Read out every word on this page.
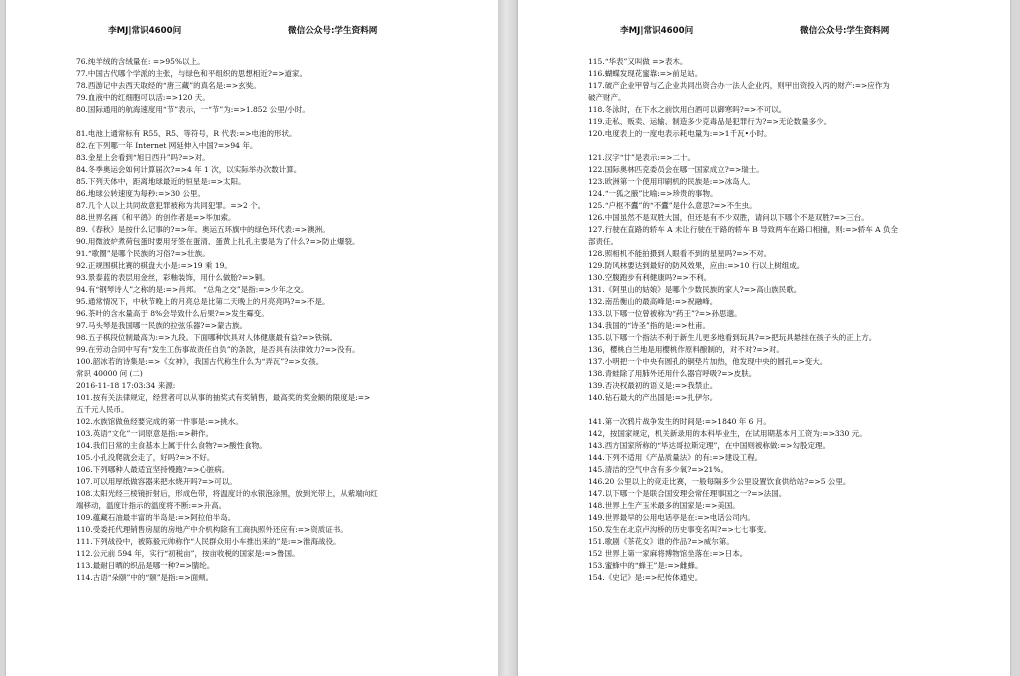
李MJ|常识4600问	微信公众号:学生资料网
76.纯羊绒的含绒量在: =>95%以上。
77.中国古代哪个学派的主张，与绿色和平组织的思想相近?=>道家。
78.西游记中去西天取经的“唐三藏”的真名是:=>玄奘。
79.血液中的红细胞可以活:=>120 天。
80.国际通用的航海速度用“节”表示，一“节”为:=>1.852 公里/小时。
81.电池上通常标有 R55、R5、等符号，R 代表:=>电池的形状。
82.在下列哪一年 Internet 网延伸入中国?=>94 年。
83.金星上会看到“旭日西升”吗?=>对。
84.冬季奥运会如何计算届次?=>4 年 1 次，以实际举办次数计算。
85.下列天体中，距离地球最近的恒星是:=>太阳。
86.地球公转速度为每秒:=>30 公里。
87.几个人以上共同故意犯罪被称为共同犯罪。=>2 个。
88.世界名画《和平鸽》的创作者是=>毕加索。
89.《春秋》是按什么记事的?=>年。奥运五环旗中的绿色环代表:=>澳洲。
90.用微波炉煮荷包蛋时要用牙签在蛋清、蛋黄上扎孔主要是为了什么?=>防止爆裂。
91.“歌圈”是哪个民族的习俗?=>壮族。
92.正规围棋比赛的棋盘大小是:=>19 乘 19。
93.景泰蓝的表层用金丝，彩釉装饰，用什么做胎?=>铜。
94.有“钢琴诗人”之称的是:=>肖邦。 “总角之交”是指:=>少年之交。
95.通常情况下，中秋节晚上的月亮总是比第二天晚上的月亮亮吗?=>不是。
96.茶叶的含水量高于 8%会导致什么后果?=>发生霉变。
97.马头琴是我国哪一民族的拉弦乐器?=>蒙古族。
98.五子棋段位制最高为:=>九段。下面哪种饮具对人体健康最有益?=>铁锅。
99.在劳动合同中写有“发生工伤事故责任自负”的条款，是否具有法律效力?=>没有。
100.韶冰若的诗集是:=>《女神》，我国古代称生什么为“弄瓦”?=>女孩。
常识 40000 问 (二)
2016-11-18 17:03:34 来源:
101.按有关法律规定，经营者可以从事的抽奖式有奖销售，最高奖的奖金额的限度是:=>
五千元人民币。
102.水族馆做鱼经要完成的第一件事是:=>挑水。
103.英语“文化”一词原意是指:=>耕作。
104.我们日常的主食基本上属于什么食物?=>酸性食物。
105.小孔没爬就会走了，好吗?=>不好。
106.下列哪种人最适宜坚持慢跑?=>心脏病。
107.可以用厚纸做容器来把水烧开吗?=>可以。
108.太阳光经三棱镜折射后，形成色带，将温度计的水银泡涂黑，放到光带上，从紫端向红
端移动，温度计指示的温度将不断:=>升高。
109.蕴藏石油最丰富的半岛是:=>阿拉伯半岛。
110.受委托代理销售房屋的房地产中介机构除有工商执照外还应有:=>资质证书。
111.下列战役中，被陈毅元帅称作“人民群众用小车推出来的”是:=>淮海战役。
112.公元前 594 年，实行“初税亩”，按亩收税的国家是:=>鲁国。
113.最耐日晒的织品是哪一种?=>腈纶。
114.古语“朵颐”中的“颐”是指:=>面颊。
李MJ|常识4600问	微信公众号:学生资料网
115.“华表”又叫做 =>表木。
116.蝴蝶发现花蜜靠:=>前足站。
117.破产企业甲曾与乙企业共同出资合办一法人企业丙，则甲出资投入丙的财产:=>应作为
破产财产。
118.冬泳时，在下水之前饮用白酒可以御寒吗?=>不可以。
119.走私、贩卖、运输、制造多少克毒品是犯罪行为?=>无论数量多少。
120.电度表上的一度电表示耗电量为:=>1千瓦•小时。
121.汉字“廿”是表示:=>二十。
122.国际奥林匹克委员会在哪一国家成立?=>瑞士。
123.欧洲第一个使用印刷机的民族是:=>冰岛人。
124.“一狐之腋”比喻:=>珍贵的事物。
125.“户枢不蠹”的“不蠹”是什么意思?=>不生虫。
126.中国虽然不是双胜大国，但还是有不少双胜，请问以下哪个不是双胜?=>三台。
127.行驶在直路的轿车 A 未让行驶在干路的轿车 B 导致两车在路口相撞，则:=>轿车 A 负全
部责任。
128.照相机不能拍摄到人眼看不到的星星吗?=>不对。
129.防风林要达到最好的防风效果，应由:=>10 行以上树组成。
130.空腹跑步有利健康吗?=>不利。
131.《阿里山的姑娘》是哪个少数民族的家人?=>高山族民歌。
132.南岳衡山的最高峰是:=>祝融峰。
133.以下哪一位曾被称为“药王”?=>孙思邈。
134.我国的“诗圣”指的是:=>杜甫。
135.以下哪一个指法不利于新生儿更多地看到玩具?=>把玩具悬挂在孩子头的正上方。
136，樱桃白兰地是用樱桃作原料酿制的，对不对?=>对。
137.小明把一个中央有圆孔的铜垫片加热，他发现中央的圆孔=>变大。
138.青蛙除了用肺外还用什么器官呼吸?=>皮肤。
139.否决权最初的语义是:=>我禁止。
140.钻石最大的产出国是:=>扎伊尔。
141.第一次鸦片战争发生的时间是:=>1840 年 6 月。
142，按国家规定，机关新录用的本科毕业生，在试用期基本月工资为:=>330 元。
143.西方国家所称的“毕达哥拉斯定理”，在中国则被称做:=>勾股定理。
144.下列不适用《产品质量法》的有:=>建设工程。
145.清洁的空气中含有多少氧?=>21%。
146.20 公里以上的竞走比赛，一般每隔多少公里设置饮食供给站?=>5 公里。
147.以下哪一个是联合国安理会常任理事国之一?=>法国。
148.世界上生产玉米最多的国家是:=>美国。
149.世界最早的公用电话亭是在:=>电话公司内。
150.发生在北京卢沟桥的历史事变名叫?=>七七事变。
151.歌剧《茶花女》谁的作品?=>威尔第。
152 世界上第一家麻将博物馆坐落在:=>日本。
153.蜜蜂中的“蜂王”是:=>雌蜂。
154.《史记》是:=>纪传体通史。
